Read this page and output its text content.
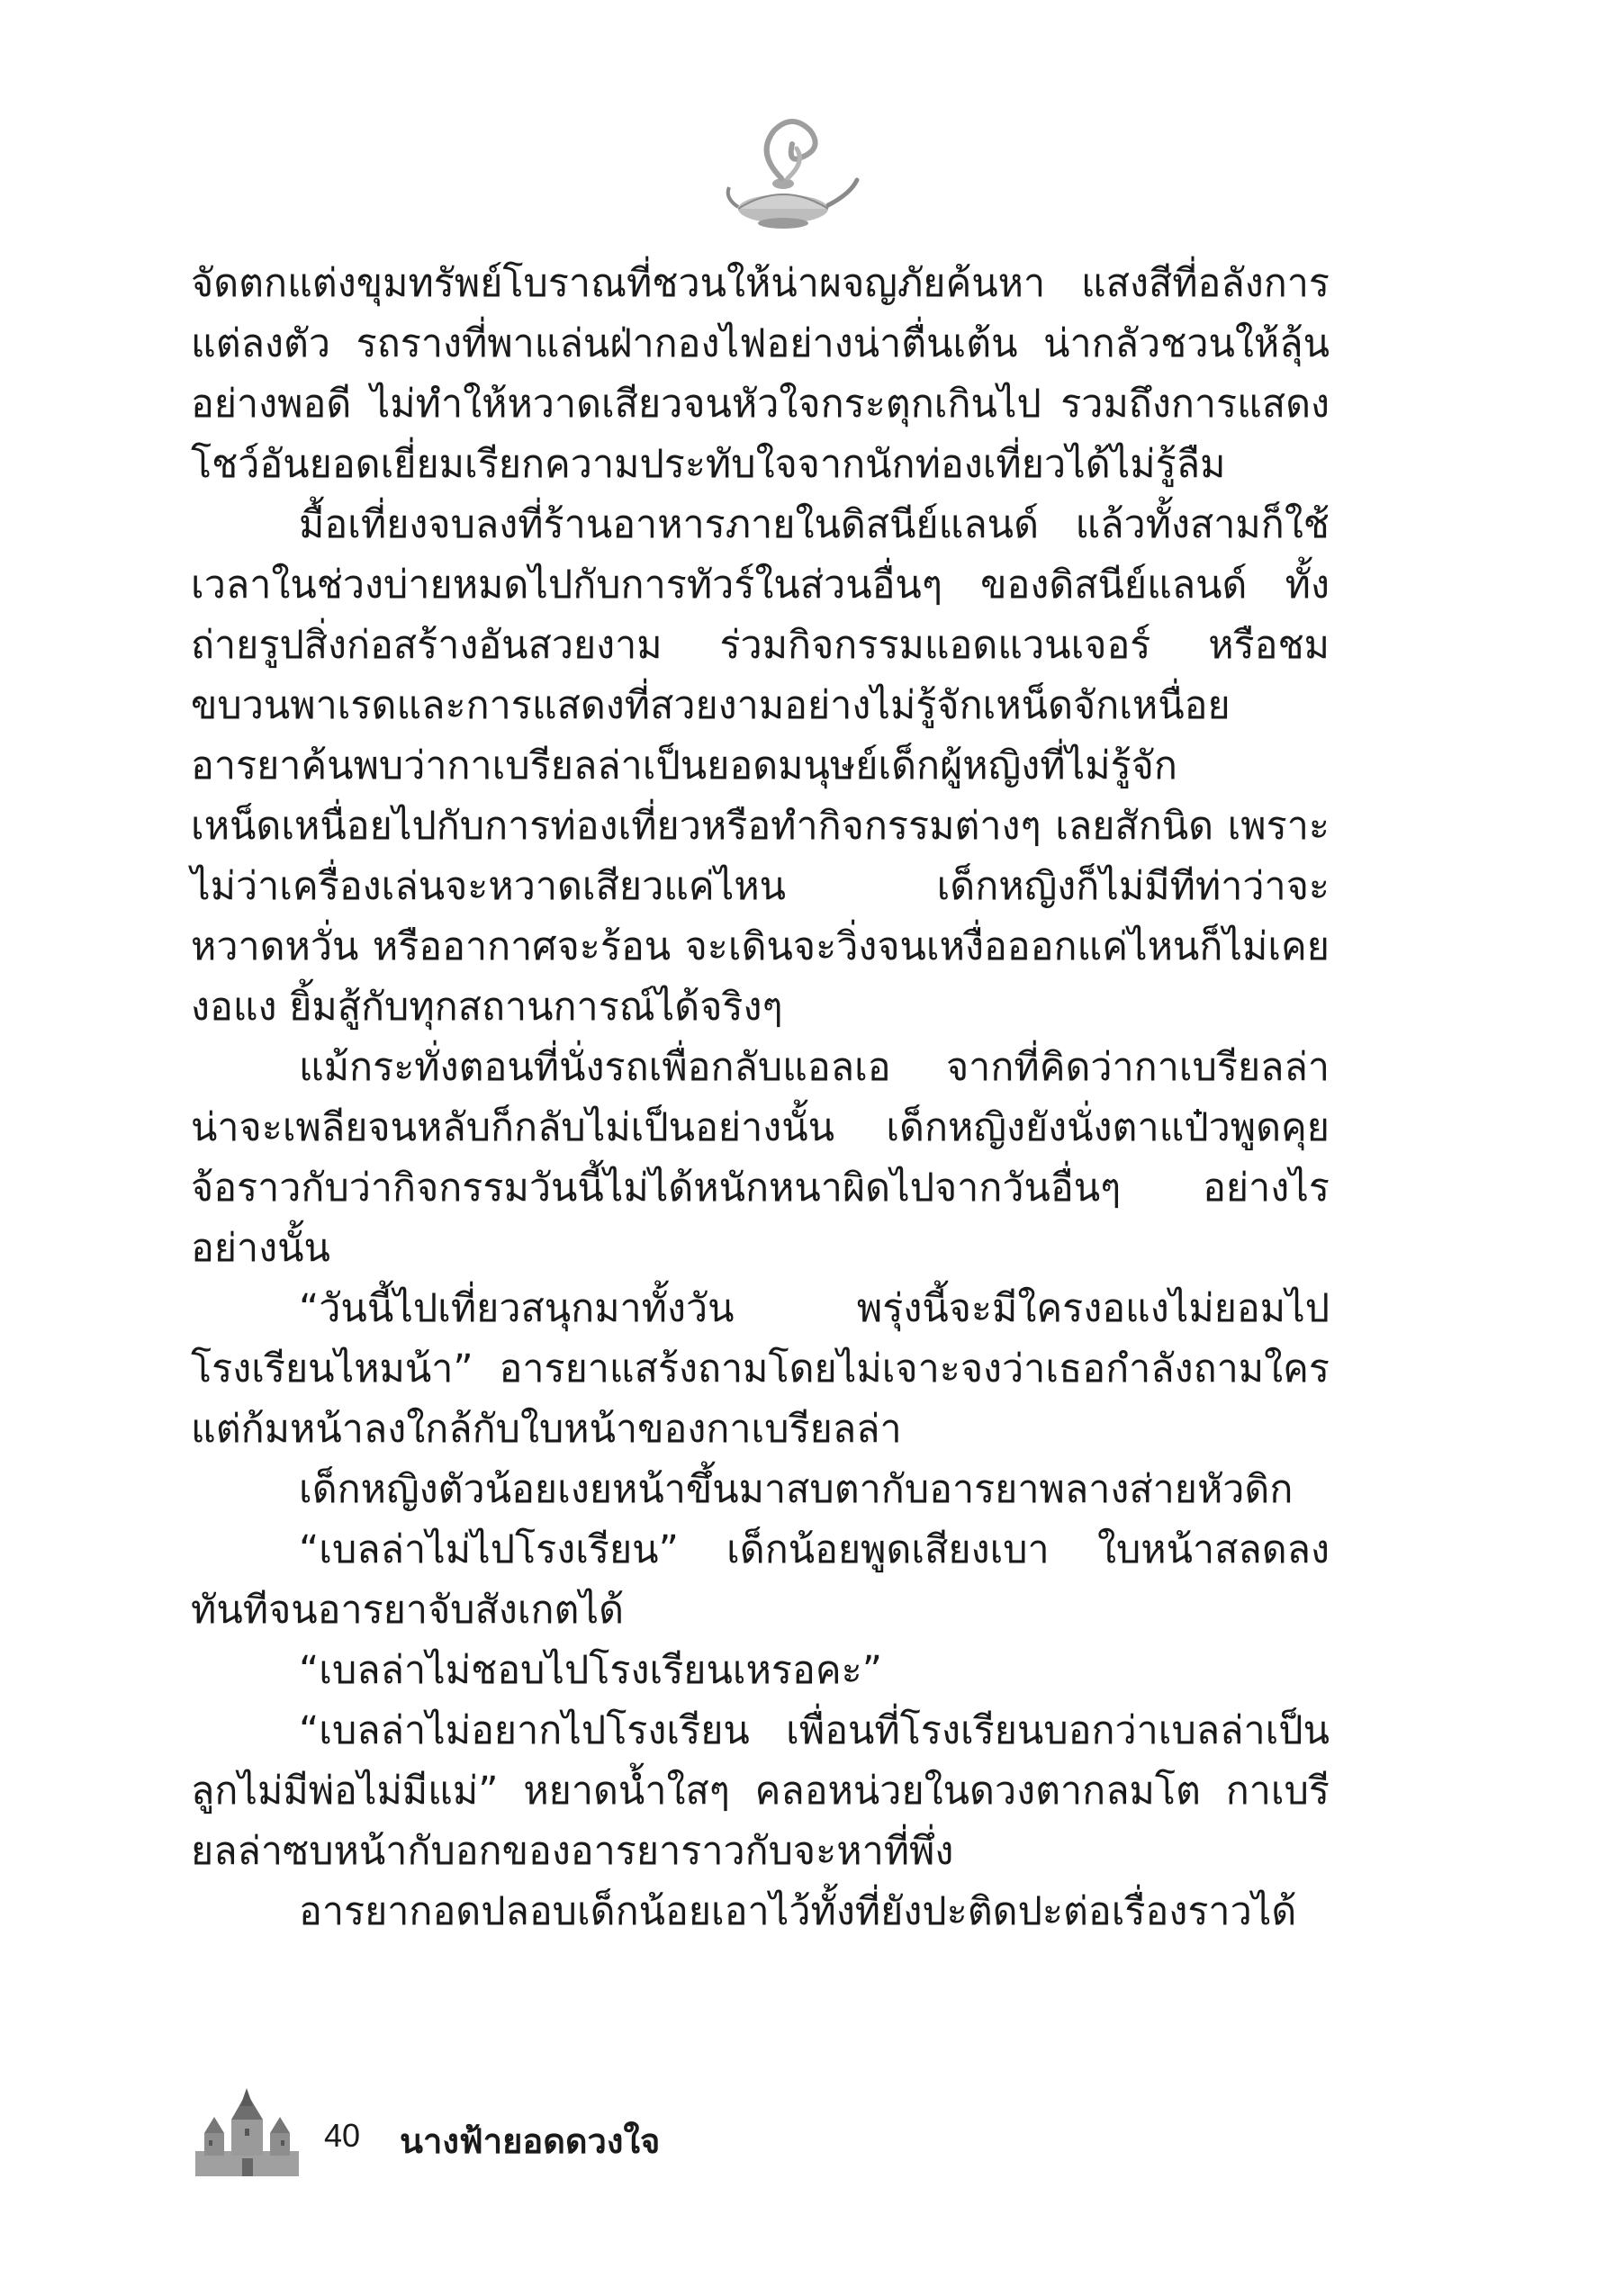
จัดตกแต่งขุมทรัพย์โบราณที่ชวนให้น่าผจญภัยค้นหา แสงสีที่อลังการ แต่ลงตัว รถรางที่พาแล่นฝ่ากองไฟอย่างน่าตื่นเต้น น่ากลัวชวนให้ลุ้นอย่างพอดี ไม่ทำให้หวาดเสียวจนหัวใจกระตุกเกินไป รวมถึงการแสดงโชว์อันยอดเยี่ยมเรียกความประทับใจจากนักท่องเที่ยวได้ไม่รู้ลืม

มื้อเที่ยงจบลงที่ร้านอาหารภายในดิสนีย์แลนด์ แล้วทั้งสามก็ใช้เวลาในช่วงบ่ายหมดไปกับการทัวร์ในส่วนอื่นๆ ของดิสนีย์แลนด์ ทั้งถ่ายรูปสิ่งก่อสร้างอันสวยงาม ร่วมกิจกรรมแอดแวนเจอร์ หรือชมขบวนพาเรดและการแสดงที่สวยงามอย่างไม่รู้จักเหน็ดจักเหนื่อย อารยาค้นพบว่ากาเบรียลล่าเป็นยอดมนุษย์เด็กผู้หญิงที่ไม่รู้จักเหน็ดเหนื่อยไปกับการท่องเที่ยวหรือทำกิจกรรมต่างๆ เลยสักนิด เพราะไม่ว่าเครื่องเล่นจะหวาดเสียวแค่ไหน เด็กหญิงก็ไม่มีทีท่าว่าจะหวาดหวั่น หรืออากาศจะร้อน จะเดินจะวิ่งจนเหงื่อออกแค่ไหนก็ไม่เคยงอแง ยิ้มสู้กับทุกสถานการณ์ได้จริงๆ

แม้กระทั่งตอนที่นั่งรถเพื่อกลับแอลเอ จากที่คิดว่ากาเบรียลล่าน่าจะเพลียจนหลับก็กลับไม่เป็นอย่างนั้น เด็กหญิงยังนั่งตาแป๋วพูดคุยจ้อราวกับว่ากิจกรรมวันนี้ไม่ได้หนักหนาผิดไปจากวันอื่นๆ อย่างไรอย่างนั้น

“วันนี้ไปเที่ยวสนุกมาทั้งวัน พรุ่งนี้จะมีใครงอแงไม่ยอมไปโรงเรียนไหมน้า” อารยาแสร้งถามโดยไม่เจาะจงว่าเธอกำลังถามใคร แต่ก้มหน้าลงใกล้กับใบหน้าของกาเบรียลล่า

เด็กหญิงตัวน้อยเงยหน้าขึ้นมาสบตากับอารยาพลางส่ายหัวดิก

“เบลล่าไม่ไปโรงเรียน” เด็กน้อยพูดเสียงเบา ใบหน้าสลดลงทันทีจนอารยาจับสังเกตได้

“เบลล่าไม่ชอบไปโรงเรียนเหรอคะ”

“เบลล่าไม่อยากไปโรงเรียน เพื่อนที่โรงเรียนบอกว่าเบลล่าเป็นลูกไม่มีพ่อไม่มีแม่” หยาดน้ำใสๆ คลอหน่วยในดวงตากลมโต กาเบรียลล่าซบหน้ากับอกของอารยาราวกับจะหาที่พึ่ง

อารยากอดปลอบเด็กน้อยเอาไว้ทั้งที่ยังปะติดปะต่อเรื่องราวได้

40 นางฟ้ายอดดวงใจ
